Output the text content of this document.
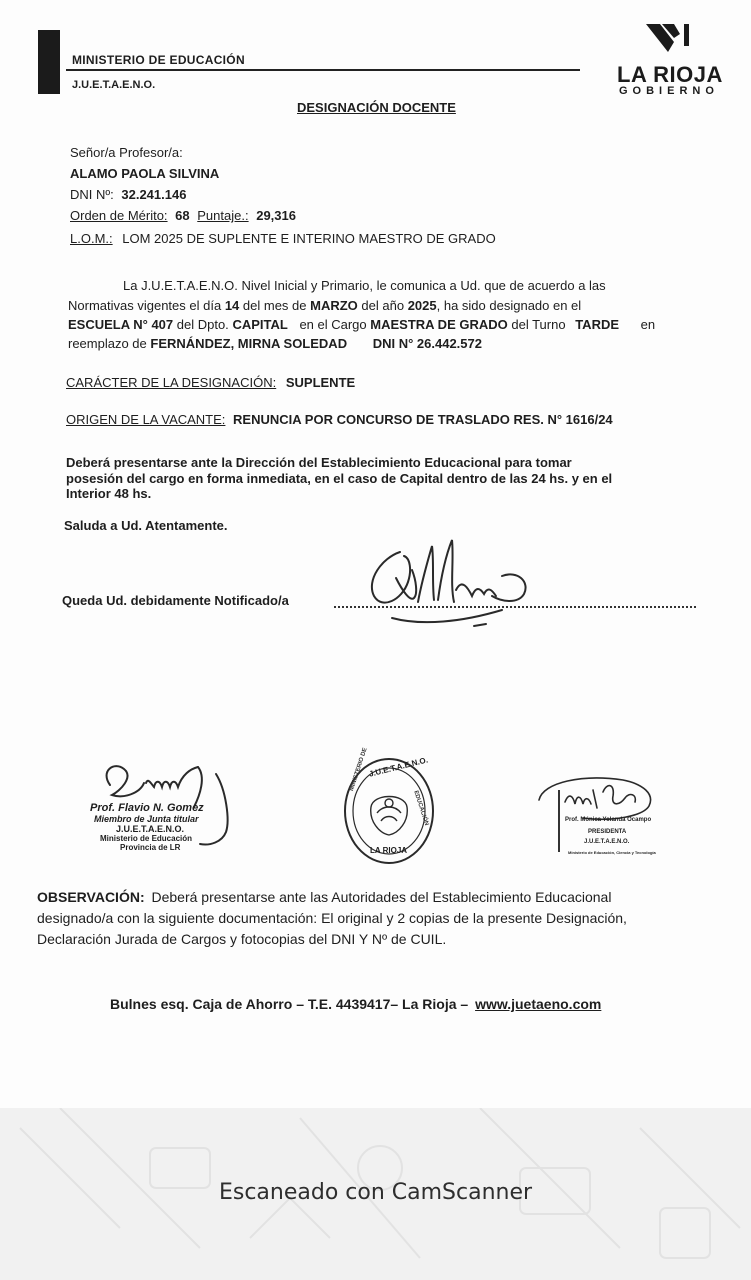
MINISTERIO DE EDUCACIÓN
J.U.E.T.A.E.N.O.	LA RIOJA
GOBIERNO
DESIGNACIÓN DOCENTE
Señor/a Profesor/a:
ALAMO PAOLA SILVINA
DNI Nº: 32.241.146
Orden de Mérito: 68 Puntaje.: 29,316
L.O.M.: LOM 2025 DE SUPLENTE E INTERINO MAESTRO DE GRADO
La J.U.E.T.A.E.N.O. Nivel Inicial y Primario, le comunica a Ud. que de acuerdo a las
Normativas vigentes el día 14 del mes de MARZO del año 2025, ha sido designado en el
ESCUELA N° 407 del Dpto. CAPITAL en el Cargo MAESTRA DE GRADO del Turno TARDE en
reemplazo de FERNÁNDEZ, MIRNA SOLEDAD DNI N° 26.442.572
CARÁCTER DE LA DESIGNACIÓN: SUPLENTE
ORIGEN DE LA VACANTE: RENUNCIA POR CONCURSO DE TRASLADO RES. N° 1616/24
Deberá presentarse ante la Dirección del Establecimiento Educacional para tomar
posesión del cargo en forma inmediata, en el caso de Capital dentro de las 24 hs. y en el
Interior 48 hs.
Saluda a Ud. Atentamente.
Queda Ud. debidamente Notificado/a
Prof. Flavio N. Gomez
Miembro de Junta titular
J.U.E.T.A.E.N.O.
Ministerio de Educación
Provincia de LR
J.U.E.T.A.E.N.O.
MINISTERIO DE
EDUCACIÓN
LA RIOJA
Prof. Mónica Yolanda Ocampo
PRESIDENTA
J.U.E.T.A.E.N.O.
Ministerio de Educación, Ciencia y Tecnología
OBSERVACIÓN: Deberá presentarse ante las Autoridades del Establecimiento Educacional
designado/a con la siguiente documentación: El original y 2 copias de la presente Designación,
Declaración Jurada de Cargos y fotocopias del DNI Y Nº de CUIL.
Bulnes esq. Caja de Ahorro – T.E. 4439417– La Rioja – www.juetaeno.com
Escaneado con CamScanner
